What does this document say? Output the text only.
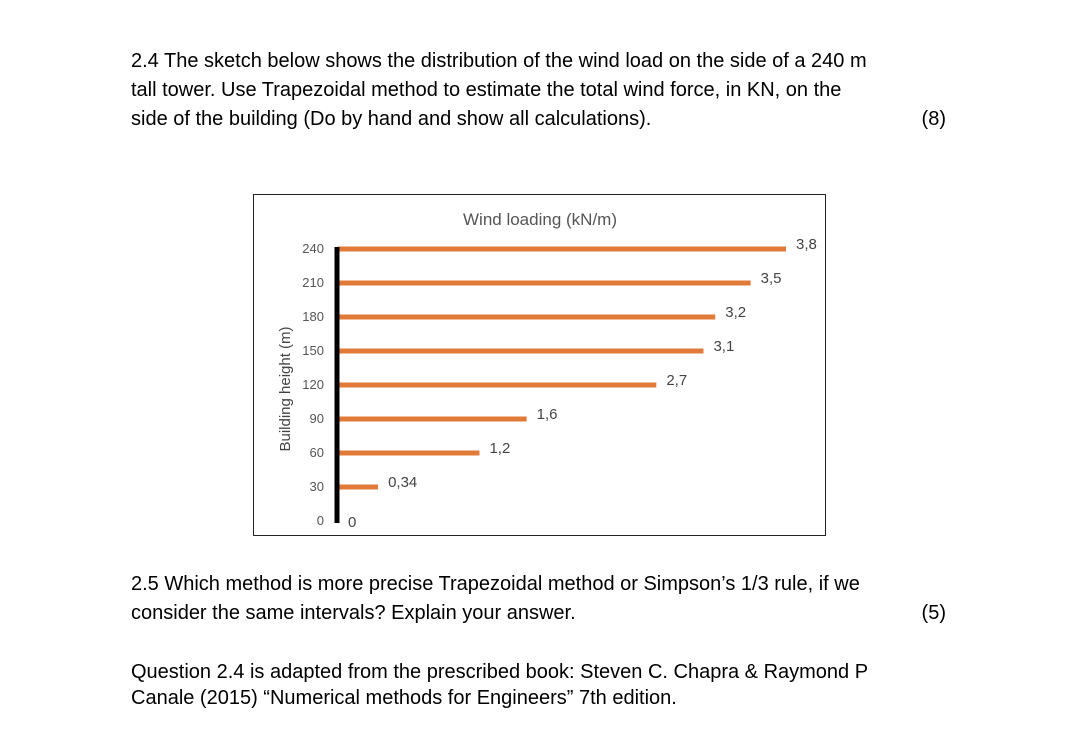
2.4 The sketch below shows the distribution of the wind load on the side of a 240 m
tall tower. Use Trapezoidal method to estimate the total wind force, in KN, on the
side of the building (Do by hand and show all calculations).	(8)
Wind loading (kN/m)
Building height (m)
0 0
30	0,34
60	1,2
90	1,6
120	2,7
150	3,1
180	3,2
210	3,5
240	3,8
2.5 Which method is more precise Trapezoidal method or Simpson’s 1/3 rule, if we
consider the same intervals? Explain your answer.	(5)
Question 2.4 is adapted from the prescribed book: Steven C. Chapra & Raymond P
Canale (2015) “Numerical methods for Engineers” 7th edition.
